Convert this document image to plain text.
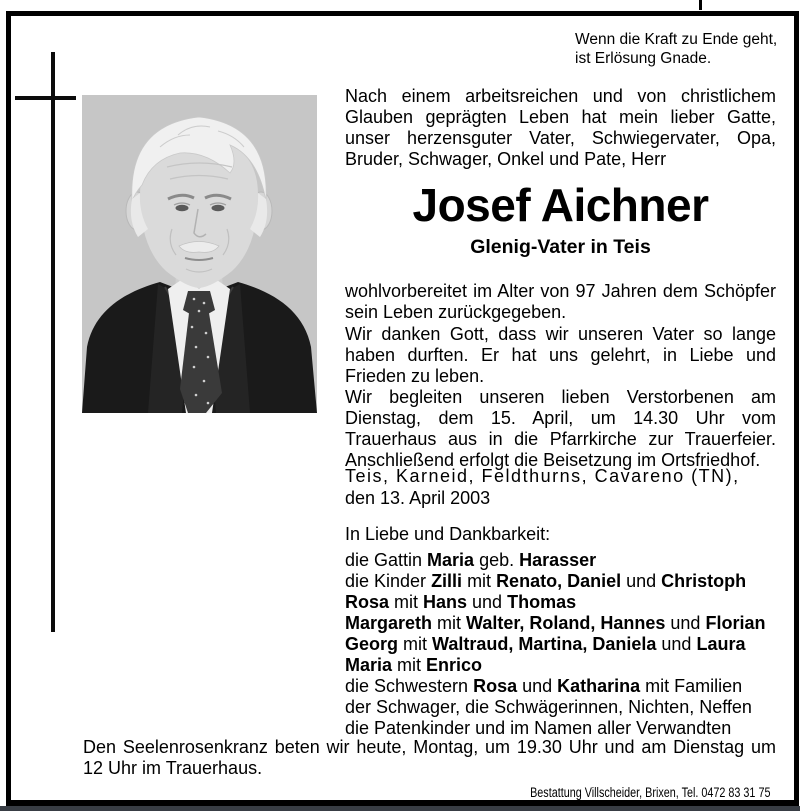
Wenn die Kraft zu Ende geht,
ist Erlösung Gnade.
Nach einem arbeitsreichen und von christlichem Glauben geprägten Leben hat mein lieber Gatte, unser herzensguter Vater, Schwiegervater, Opa, Bruder, Schwager, Onkel und Pate, Herr
Josef Aichner
Glenig-Vater in Teis
wohlvorbereitet im Alter von 97 Jahren dem Schöpfer sein Leben zurückgegeben.
Wir danken Gott, dass wir unseren Vater so lange haben durften. Er hat uns gelehrt, in Liebe und Frieden zu leben.
Wir begleiten unseren lieben Verstorbenen am Dienstag, dem 15. April, um 14.30 Uhr vom Trauerhaus aus in die Pfarrkirche zur Trauerfeier. Anschließend erfolgt die Beisetzung im Ortsfriedhof.
Teis, Karneid, Feldthurns, Cavareno (TN),
den 13. April 2003
In Liebe und Dankbarkeit:
die Gattin Maria geb. Harasser
die Kinder Zilli mit Renato, Daniel und Christoph
Rosa mit Hans und Thomas
Margareth mit Walter, Roland, Hannes und Florian
Georg mit Waltraud, Martina, Daniela und Laura
Maria mit Enrico
die Schwestern Rosa und Katharina mit Familien
der Schwager, die Schwägerinnen, Nichten, Neffen
die Patenkinder und im Namen aller Verwandten
Den Seelenrosenkranz beten wir heute, Montag, um 19.30 Uhr und am Dienstag um 12 Uhr im Trauerhaus.
Bestattung Villscheider, Brixen, Tel. 0472 83 31 75
